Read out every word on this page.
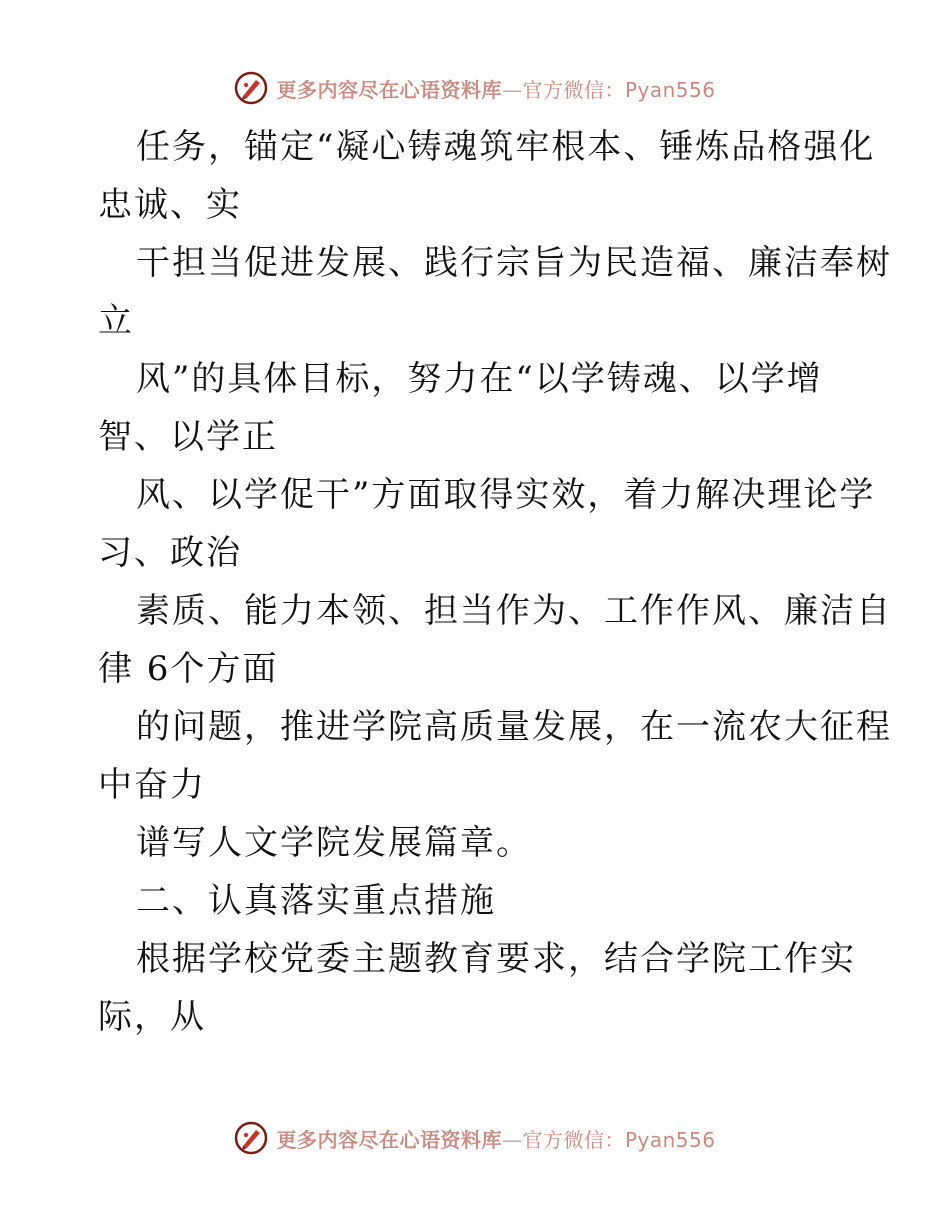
更多内容尽在心语资料库—官方微信：Pyan556
任务，锚定“凝心铸魂筑牢根本、锤炼品格强化
忠诚、实
干担当促进发展、践行宗旨为民造福、廉洁奉树
立
风”的具体目标，努力在“以学铸魂、以学增
智、以学正
风、以学促干”方面取得实效，着力解决理论学
习、政治
素质、能力本领、担当作为、工作作风、廉洁自
律 6个方面
的问题，推进学院高质量发展，在一流农大征程
中奋力
谱写人文学院发展篇章。
二、认真落实重点措施
根据学校党委主题教育要求，结合学院工作实
际，从
更多内容尽在心语资料库—官方微信：Pyan556
